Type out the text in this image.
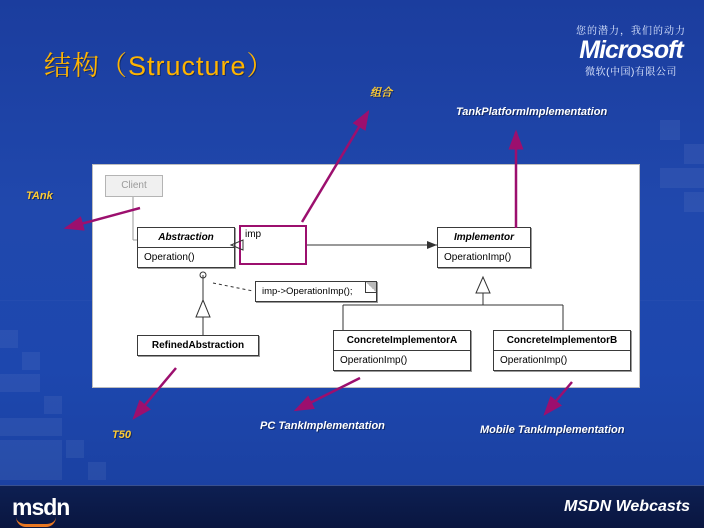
结构（Structure）
您的潜力，我们的动力
Microsoft
微软(中国)有限公司
Client
Abstraction
Operation()
imp
imp->OperationImp();
RefinedAbstraction
Implementor
OperationImp()
ConcreteImplementorA
OperationImp()
ConcreteImplementorB
OperationImp()
TAnk
组合
TankPlatformImplementation
T50
PC TankImplementation	Mobile TankImplementation
msdn	MSDN Webcasts
